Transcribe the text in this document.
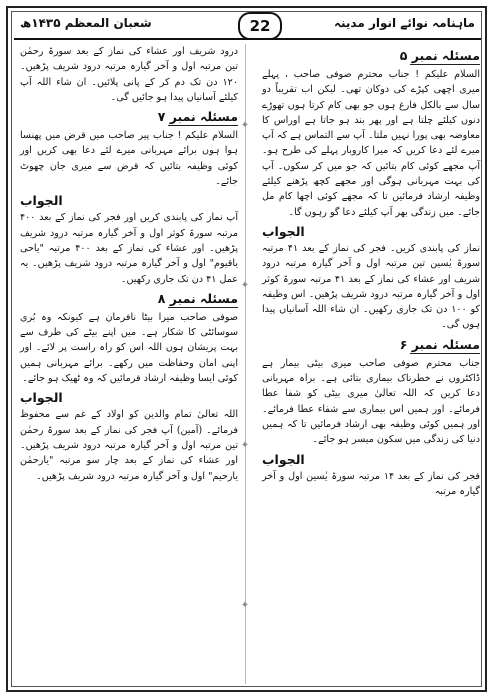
ماہنامہ نوائے انوار مدینہ
22
شعبان المعظم ۱۴۳۵ھ
✦
✦
✦
✦
مسئلہ نمبر ۵

السلام علیکم ! جناب محترم صوفی صاحب ، پہلے میری اچھی کپڑے کی دوکان تھی۔ لیکن اب تقریباً دو سال سے بالکل فارغ ہوں جو بھی کام کرتا ہوں تھوڑے دنوں کیلئے چلتا ہے اور پھر بند ہو جاتا ہے اوراس کا معاوضہ بھی پورا نہیں ملتا۔ آپ سے التماس ہے کہ آپ میرے لئے دعا کریں کہ میرا کاروبار پہلے کی طرح ہو۔ آپ مجھے کوئی کام بتائیں کہ جو میں کر سکوں۔ آپ کی بہت مہربانی ہوگی اور مجھے کچھ پڑھنے کیلئے وظیفہ ارشاد فرمائیں تا کہ مجھے کوئی اچھا کام مل جائے۔ میں زندگی بھر آپ کیلئے دعا گو رہوں گا۔

الجواب

نماز کی پابندی کریں۔ فجر کی نماز کے بعد ۴۱ مرتبہ سورۃ یٰسین تین مرتبہ اول و آخر گیارہ مرتبہ درود شریف اور عشاء کی نماز کے بعد ۴۱ مرتبہ سورۃ کوثر اول و آخر گیارہ مرتبہ درود شریف پڑھیں۔ اس وظیفہ کو ۱۰۰ دن تک جاری رکھیں۔ ان شاء اللہ آسانیاں پیدا ہوں گی۔

مسئلہ نمبر ۶

جناب محترم صوفی صاحب میری بیٹی بیمار ہے ڈاکٹروں نے خطرناک بیماری بتائی ہے۔ براہ مہربانی دعا کریں کہ اللہ تعالیٰ میری بیٹی کو شفا عطا فرمائے۔ اور ہمیں اس بیماری سے شفاء عطا فرمائے۔ اور ہمیں کوئی وظیفہ بھی ارشاد فرمائیں تا کہ ہمیں دنیا کی زندگی میں سکون میسر ہو جائے۔

الجواب

فجر کی نماز کے بعد ۱۴ مرتبہ سورۃ یٰسین اول و آخر گیارہ مرتبہ

درود شریف اور عشاء کی نماز کے بعد سورۃ رحمٰن تین مرتبہ اول و آخر گیارہ مرتبہ درود شریف پڑھیں۔ ۱۲۰ دن تک دم کر کے پانی پلائیں۔ ان شاء اللہ آپ کیلئے آسانیاں پیدا ہو جائیں گی۔

مسئلہ نمبر ۷

السلام علیکم ! جناب پیر صاحب میں قرض میں پھنسا ہوا ہوں برائے مہربانی میرے لئے دعا بھی کریں اور کوئی وظیفہ بتائیں کہ قرض سے میری جان چھوٹ جائے۔

الجواب

آپ نماز کی پابندی کریں اور فجر کی نماز کے بعد ۴۰۰ مرتبہ سورۃ کوثر اول و آخر گیارہ مرتبہ درود شریف پڑھیں۔ اور عشاء کی نماز کے بعد ۴۰۰ مرتبہ "یاحی یاقیوم" اول و آخر گیارہ مرتبہ درود شریف پڑھیں۔ یہ عمل ۴۱ دن تک جاری رکھیں۔

مسئلہ نمبر ۸

صوفی صاحب میرا بیٹا نافرمان ہے کیونکہ وہ بُری سوسائٹی کا شکار ہے۔ میں اپنے بیٹے کی طرف سے بہت پریشان ہوں اللہ اس کو راہ راست پر لائے۔ اور اپنی امان وحفاظت میں رکھے۔ برائے مہربانی ہمیں کوئی ایسا وظیفہ ارشاد فرمائیں کہ وہ ٹھیک ہو جائے۔

الجواب

اللہ تعالیٰ تمام والدین کو اولاد کے غم سے محفوظ فرمائے۔ (آمین) آپ فجر کی نماز کے بعد سورۃ رحمٰن تین مرتبہ اول و آخر گیارہ مرتبہ درود شریف پڑھیں۔ اور عشاء کی نماز کے بعد چار سو مرتبہ "یارحمٰن یارحیم" اول و آخر گیارہ مرتبہ درود شریف پڑھیں۔
